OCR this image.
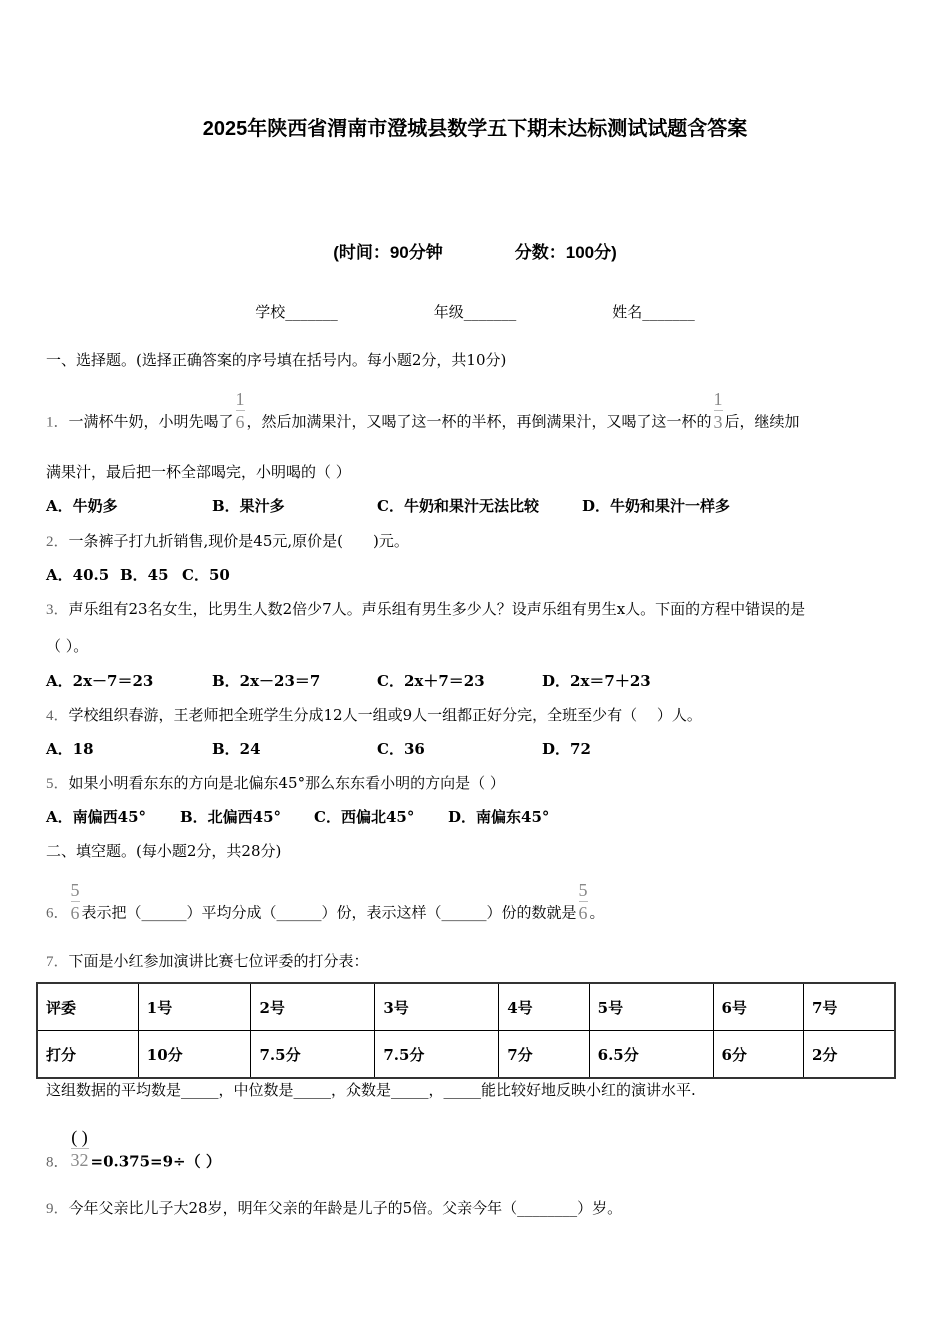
2025年陕西省渭南市澄城县数学五下期末达标测试试题含答案
(时间：90分钟	分数：100分)
学校_______	年级_______	姓名_______
一、选择题。(选择正确答案的序号填在括号内。每小题2分，共10分)
1．一满杯牛奶，小明先喝了 $\frac{1}{6}$ ，然后加满果汁，又喝了这一杯的半杯，再倒满果汁，又喝了这一杯的 $\frac{1}{3}$ 后，继续加
满果汁，最后把一杯全部喝完，小明喝的（ ）
A．牛奶多	B．果汁多	C．牛奶和果汁无法比较	D．牛奶和果汁一样多
2．一条裤子打九折销售,现价是45元,原价是(　　)元。
A．40.5 B．45 C．50
3．声乐组有23名女生，比男生人数2倍少7人。声乐组有男生多少人？设声乐组有男生x人。下面的方程中错误的是
（ ）。
A．2x－7＝23	B．2x－23＝7	C．2x＋7＝23	D．2x＝7＋23
4．学校组织春游，王老师把全班学生分成12人一组或9人一组都正好分完，全班至少有（　 ）人。
A．18	B．24	C．36	D．72
5．如果小明看东东的方向是北偏东45°那么东东看小明的方向是（ ）
A．南偏西45° B．北偏西45° C．西偏北45° D．南偏东45°
二、填空题。(每小题2分，共28分)
6． $\frac{5}{6}$ 表示把（______）平均分成（______）份，表示这样（______）份的数就是 $\frac{5}{6}$ 。
7．下面是小红参加演讲比赛七位评委的打分表：
评委	1号	2号	3号	4号	5号	6号	7号
打分	10分	7.5分	7.5分	7分	6.5分	6分	2分
这组数据的平均数是_____，中位数是_____，众数是_____，_____能比较好地反映小红的演讲水平.
8． $\frac{( )}{32} =0.375=9\div$（ ）
9．今年父亲比儿子大28岁，明年父亲的年龄是儿子的5倍。父亲今年（________）岁。
